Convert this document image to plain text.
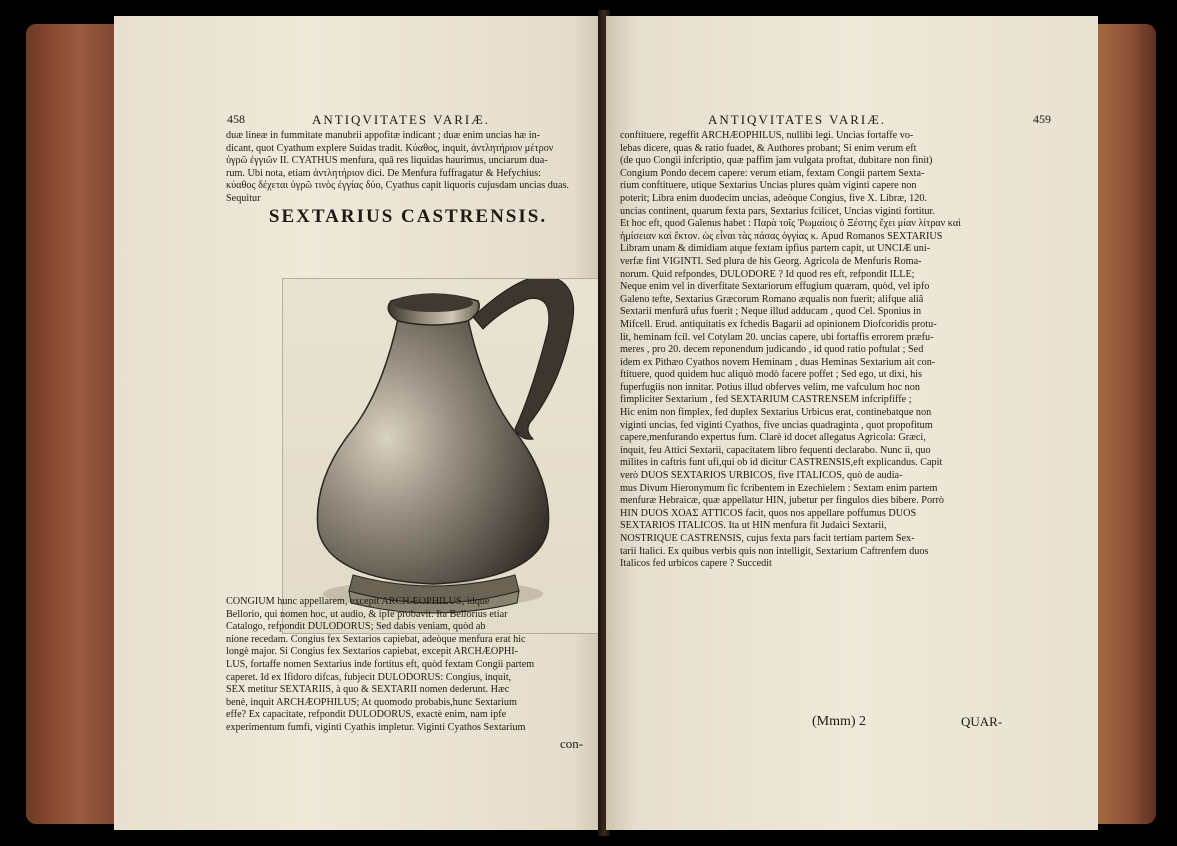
458	ANTIQVITATES VARIÆ.

duæ lineæ in fummitate manubrii appofitæ indicant ; duæ enim uncias hæ in-

dicant, quot Cyathum explere Suidas tradit. Κύαθος, inquit, ἀντλητήριον μέτρον

ὑγρῶ ἐγγιῶν II. CYATHUS menfura, quâ res liquidas haurimus, unciarum dua-

rum. Ubi nota, etiam ἀντλητήριον dici. De Menfura fuffragatur & Hefychius:

κύαθος δέχεται ὑγρῶ τινὸς ἐγγίας δύο, Cyathus capit liquoris cujusdam uncias duas.

Sequitur

SEXTARIUS CASTRENSIS.

CONGIUM hunc appellarem, excepit ARCHÆOPHILUS, idque

Bellorio, qui nomen hoc, ut audio, & ipfe probavit. Ita Bellorius etiar

Catalogo, refpondit DULODORUS; Sed dabis veniam, quòd ab

nione recedam. Congius fex Sextarios capiebat, adeòque menfura erat hic

longè major. Si Congius fex Sextarios capiebat, excepit ARCHÆOPHI-

LUS, fortaffe nomen Sextarius inde fortitus eft, quòd fextam Congii partem

caperet. Id ex Ifidoro difcas, fubjecit DULODORUS: Congius, inquit,

SEX metitur SEXTARIIS, à quo & SEXTARII nomen dederunt. Hæc

benè, inquit ARCHÆOPHILUS; At quomodo probabis,hunc Sextarium

effe? Ex capacitate, refpondit DULODORUS, exactè enim, nam ipfe

experimentum fumfi, viginti Cyathis impletur. Viginti Cyathos Sextarium

con-
ANTIQVITATES VARIÆ.	459

conftituere, regeffit ARCHÆOPHILUS, nullibi legi. Uncias fortaffe vo-

lebas dicere, quas & ratio fuadet, & Authores probant; Si enim verum eft

(de quo Congii infcriptio, quæ paffim jam vulgata proftat, dubitare non finit)

Congium Pondo decem capere: verum etiam, fextam Congii partem Sexta-

rium conftituere, utique Sextarius Uncias plures quàm viginti capere non

poterit; Libra enim duodecim uncias, adeòque Congius, five X. Libræ, 120.

uncias continent, quarum fexta pars, Sextarius fcilicet, Uncias viginti fortitur.

Et hoc eft, quod Galenus habet : Παρὰ τοῖς Ῥωμαίοις ὁ Ξέστης ἔχει μίαν λίτραν καὶ

ἡμίσειαν καὶ ἕκτον. ὡς εἶναι τὰς πάσας ὀγγίας κ. Apud Romanos SEXTARIUS

Libram unam & dimidiam atque fextam ipfius partem capit, ut UNCIÆ uni-

verfæ fint VIGINTI. Sed plura de his Georg. Agricola de Menfuris Roma-

norum. Quid refpondes, DULODORE ? Id quod res eft, refpondit ILLE;

Neque enim vel in diverfitate Sextariorum effugium quæram, quòd, vel ipfo

Galeno tefte, Sextarius Græcorum Romano æqualis non fuerit; alifque aliâ

Sextarii menfurâ ufus fuerit ; Neque illud adducam , quod Cel. Sponius in

Mifcell. Erud. antiquitatis ex fchedis Bagarii ad opinionem Diofcoridis protu-

lit, heminam fcil. vel Cotylam 20. uncias capere, ubi fortaffis errorem præfu-

meres , pro 20. decem reponendum judicando , id quod ratio poftulat ; Sed

idem ex Pithæo Cyathos novem Heminam , duas Heminas Sextarium ait con-

ftituere, quod quidem huc aliquò modò facere poffet ; Sed ego, ut dixi, his

fuperfugiis non innitar. Potius illud obferves velim, me vafculum hoc non

fimpliciter Sextarium , fed SEXTARIUM CASTRENSEM infcripfiffe ;

Hic enim non fimplex, fed duplex Sextarius Urbicus erat, continebatque non

viginti uncias, fed viginti Cyathos, five uncias quadraginta , quot propofitum

capere,menfurando expertus fum. Clarè id docet allegatus Agricola: Græci,

inquit, feu Attici Sextarii, capacitatem libro fequenti declarabo. Nunc ii, quo

milites in caftris funt ufi,qui ob id dicitur CASTRENSIS,eft explicandus. Capit

verò DUOS SEXTARIOS URBICOS, five ITALICOS, quò de audia-

mus Divum Hieronymum fic fcribentem in Ezechielem : Sextam enim partem

menfuræ Hebraicæ, quæ appellatur HIN, jubetur per fingulos dies bibere. Porrò

HIN DUOS ΧΟΑΣ ATTICOS facit, quos nos appellare poffumus DUOS

SEXTARIOS ITALICOS. Ita ut HIN menfura fit Judaici Sextarii,

NOSTRIQUE CASTRENSIS, cujus fexta pars facit tertiam partem Sex-

tarii Italici. Ex quibus verbis quis non intelligit, Sextarium Caftrenfem duos

Italicos fed urbicos capere ? Succedit

(Mmm) 2	QUAR-
